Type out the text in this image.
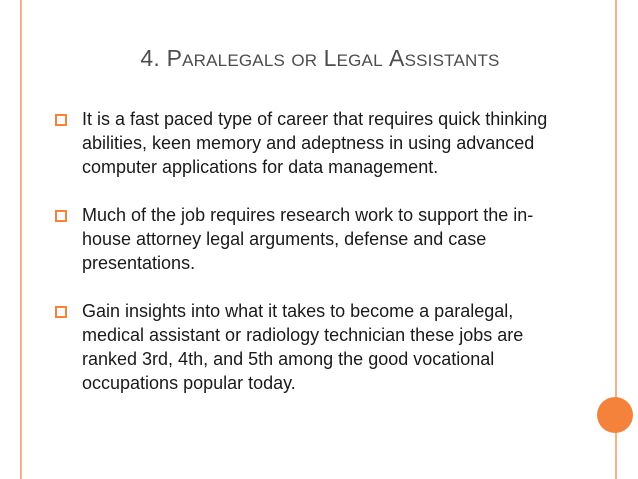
4. PARALEGALS OR LEGAL ASSISTANTS
It is a fast paced type of career that requires quick thinking abilities, keen memory and adeptness in using advanced computer applications for data management.
Much of the job requires research work to support the in-house attorney legal arguments, defense and case presentations.
Gain insights into what it takes to become a paralegal, medical assistant or radiology technician these jobs are ranked 3rd, 4th, and 5th among the good vocational occupations popular today.
